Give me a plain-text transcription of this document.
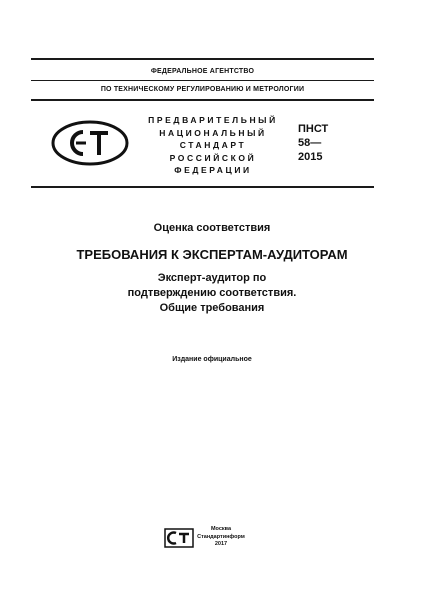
ФЕДЕРАЛЬНОЕ АГЕНТСТВО
ПО ТЕХНИЧЕСКОМУ РЕГУЛИРОВАНИЮ И МЕТРОЛОГИИ
ПРЕДВАРИТЕЛЬНЫЙ
НАЦИОНАЛЬНЫЙ
СТАНДАРТ
РОССИЙСКОЙ
ФЕДЕРАЦИИ
ПНСТ
58—
2015
Оценка соответствия
ТРЕБОВАНИЯ К ЭКСПЕРТАМ-АУДИТОРАМ
Эксперт-аудитор по
подтверждению соответствия.
Общие требования
Издание официальное
Москва
Стандартинформ
2017
